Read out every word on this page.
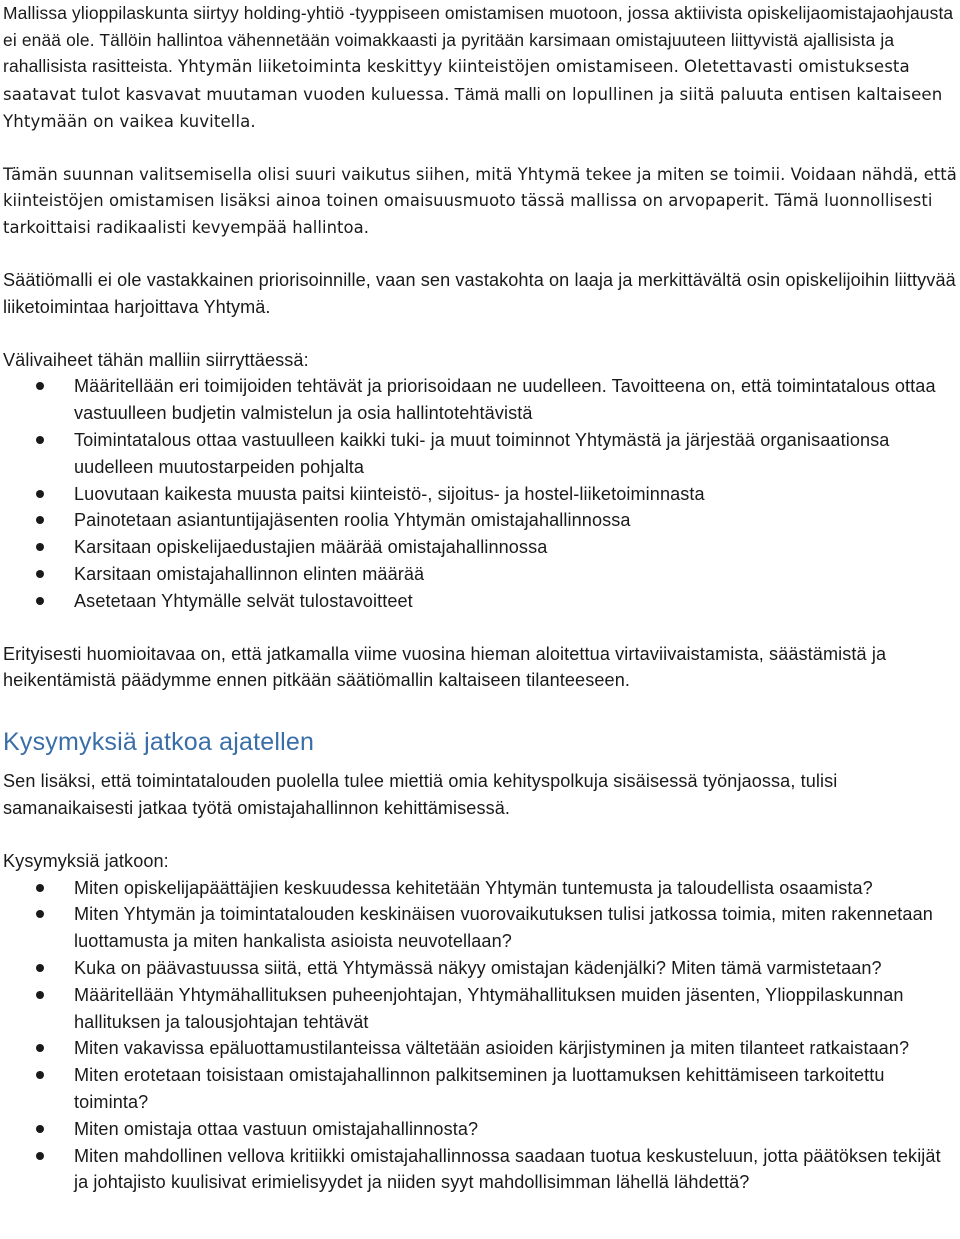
Mallissa ylioppilaskunta siirtyy holding-yhtiö -tyyppiseen omistamisen muotoon, jossa aktiivista opiskelijaomistajaohjausta ei enää ole. Tällöin hallintoa vähennetään voimakkaasti ja pyritään karsimaan omistajuuteen liittyvistä ajallisista ja rahallisista rasitteista. Yhtymän liiketoiminta keskittyy kiinteistöjen omistamiseen. Oletettavasti omistuksesta saatavat tulot kasvavat muutaman vuoden kuluessa. Tämä malli on lopullinen ja siitä paluuta entisen kaltaiseen Yhtymään on vaikea kuvitella.

Tämän suunnan valitsemisella olisi suuri vaikutus siihen, mitä Yhtymä tekee ja miten se toimii. Voidaan nähdä, että kiinteistöjen omistamisen lisäksi ainoa toinen omaisuusmuoto tässä mallissa on arvopaperit. Tämä luonnollisesti tarkoittaisi radikaalisti kevyempää hallintoa.

Säätiömalli ei ole vastakkainen priorisoinnille, vaan sen vastakohta on laaja ja merkittävältä osin opiskelijoihin liittyvää liiketoimintaa harjoittava Yhtymä.

Välivaiheet tähän malliin siirryttäessä:

Määritellään eri toimijoiden tehtävät ja priorisoidaan ne uudelleen. Tavoitteena on, että toimintatalous ottaa vastuulleen budjetin valmistelun ja osia hallintotehtävistä
Toimintatalous ottaa vastuulleen kaikki tuki- ja muut toiminnot Yhtymästä ja järjestää organisaationsa uudelleen muutostarpeiden pohjalta
Luovutaan kaikesta muusta paitsi kiinteistö-, sijoitus- ja hostel-liiketoiminnasta
Painotetaan asiantuntijajäsenten roolia Yhtymän omistajahallinnossa
Karsitaan opiskelijaedustajien määrää omistajahallinnossa
Karsitaan omistajahallinnon elinten määrää
Asetetaan Yhtymälle selvät tulostavoitteet

Erityisesti huomioitavaa on, että jatkamalla viime vuosina hieman aloitettua virtaviivaistamista, säästämistä ja heikentämistä päädymme ennen pitkään säätiömallin kaltaiseen tilanteeseen.

Kysymyksiä jatkoa ajatellen

Sen lisäksi, että toimintatalouden puolella tulee miettiä omia kehityspolkuja sisäisessä työnjaossa, tulisi samanaikaisesti jatkaa työtä omistajahallinnon kehittämisessä.

Kysymyksiä jatkoon:

Miten opiskelijapäättäjien keskuudessa kehitetään Yhtymän tuntemusta ja taloudellista osaamista?
Miten Yhtymän ja toimintatalouden keskinäisen vuorovaikutuksen tulisi jatkossa toimia, miten rakennetaan luottamusta ja miten hankalista asioista neuvotellaan?
Kuka on päävastuussa siitä, että Yhtymässä näkyy omistajan kädenjälki? Miten tämä varmistetaan?
Määritellään Yhtymähallituksen puheenjohtajan, Yhtymähallituksen muiden jäsenten, Ylioppilaskunnan hallituksen ja talousjohtajan tehtävät
Miten vakavissa epäluottamustilanteissa vältetään asioiden kärjistyminen ja miten tilanteet ratkaistaan?
Miten erotetaan toisistaan omistajahallinnon palkitseminen ja luottamuksen kehittämiseen tarkoitettu toiminta?
Miten omistaja ottaa vastuun omistajahallinnosta?
Miten mahdollinen vellova kritiikki omistajahallinnossa saadaan tuotua keskusteluun, jotta päätöksen tekijät ja johtajisto kuulisivat erimielisyydet ja niiden syyt mahdollisimman lähellä lähdettä?
